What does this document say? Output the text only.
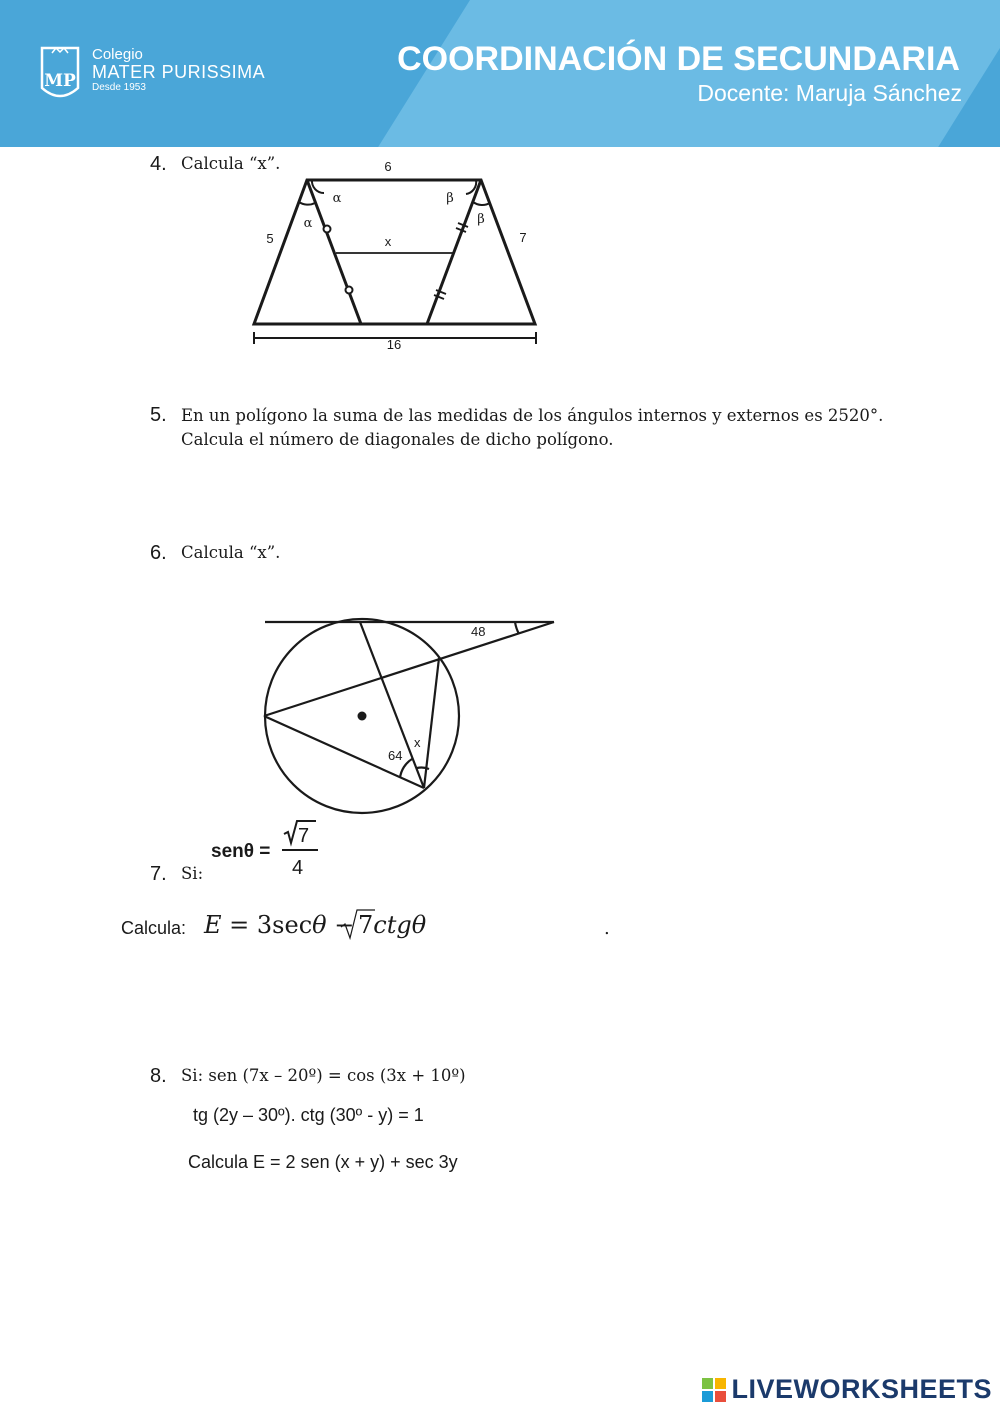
MP
Colegio
MATER PURISSIMA
Desde 1953
COORDINACIÓN DE SECUNDARIA
Docente: Maruja Sánchez
4. Calcula “x”.	6
5	7
16
x
α
α
β
β
5. En un polígono la suma de las medidas de los ángulos internos y externos es 2520°.
Calcula el número de diagonales de dicho polígono.
6. Calcula “x”.
48
64
x
7. Si:
senθ =
7
4
Calcula: E = 3secθ − 7ctgθ	.
8. Si: sen (7x – 20º) = cos (3x + 10º)
tg (2y – 30º). ctg (30º - y) = 1
Calcula E = 2 sen (x + y) + sec 3y
LIVEWORKSHEETS
